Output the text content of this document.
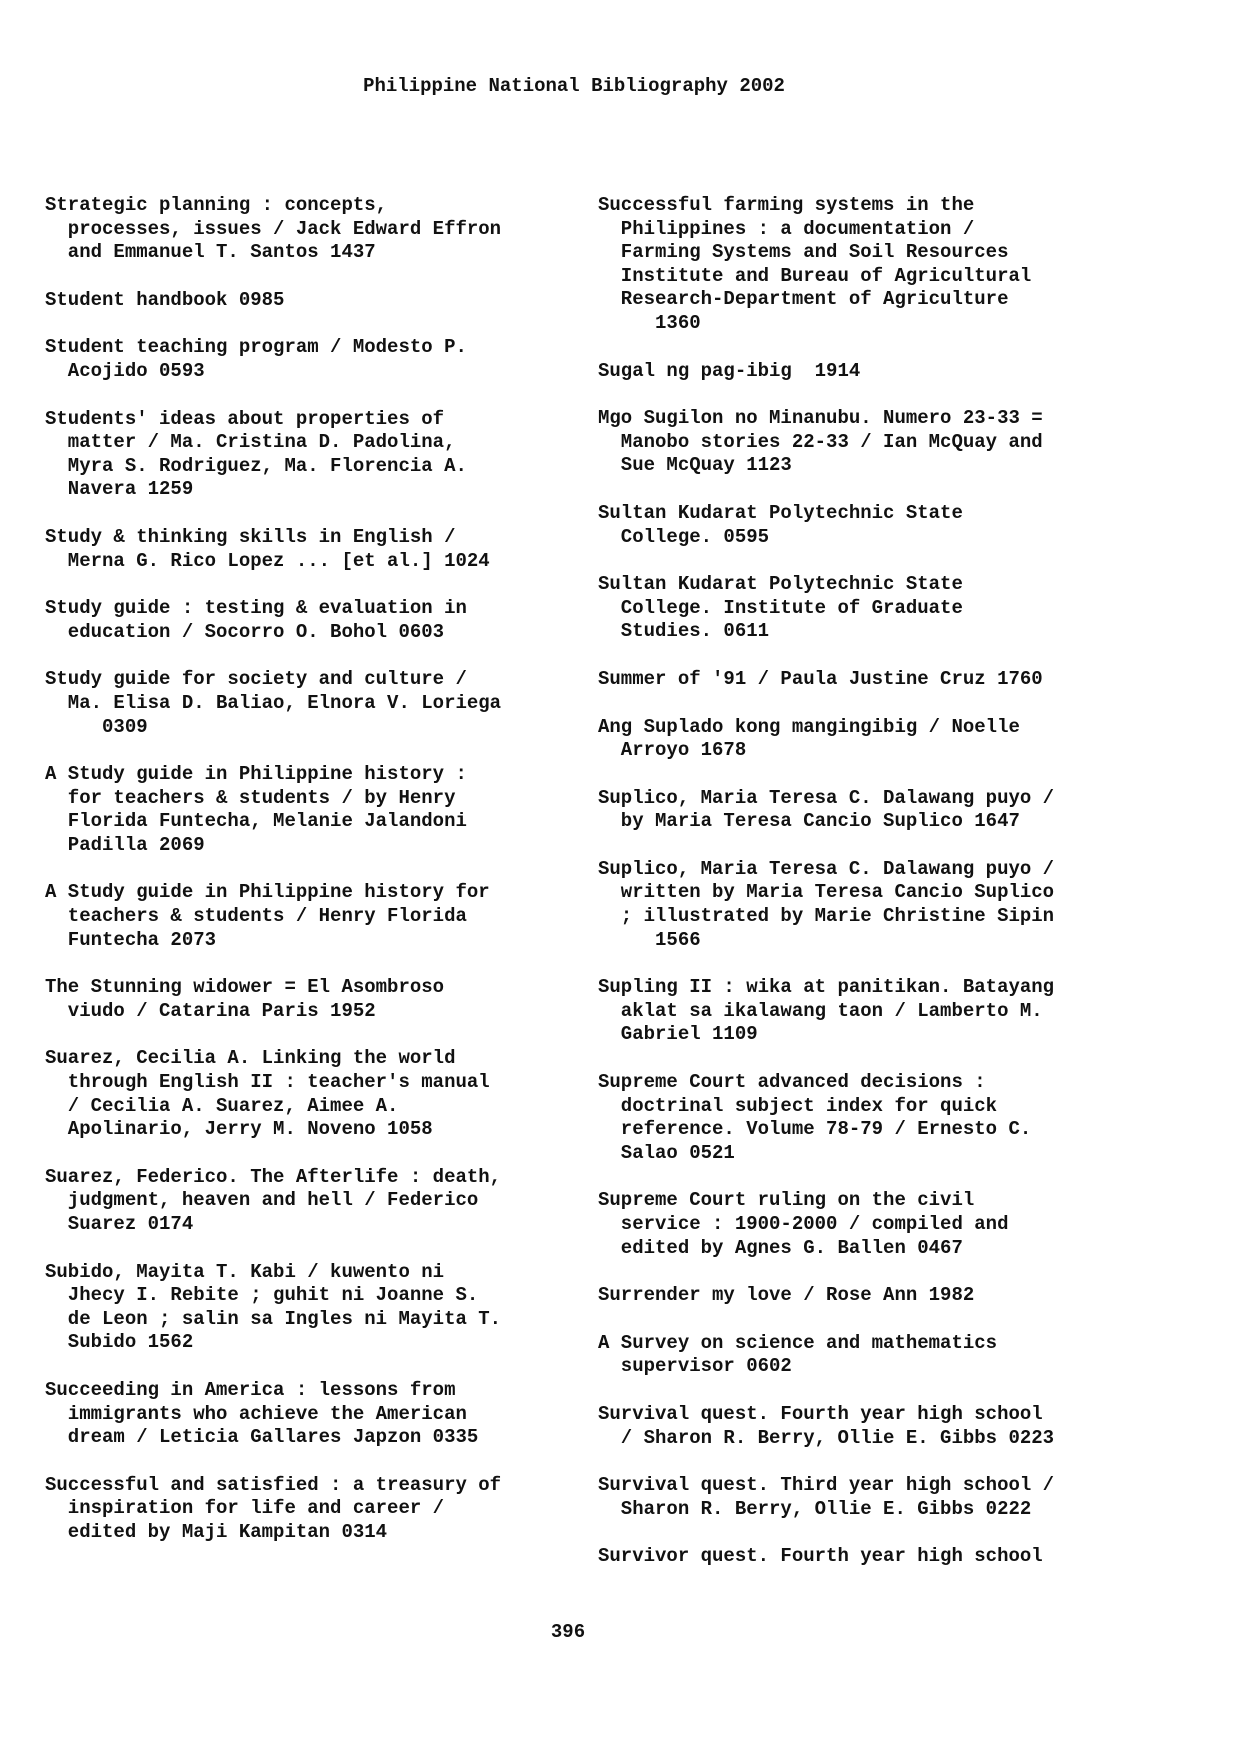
Philippine National Bibliography 2002
Strategic planning : concepts,
processes, issues / Jack Edward Effron
and Emmanuel T. Santos 1437
Student handbook 0985
Student teaching program / Modesto P.
Acojido 0593
Students' ideas about properties of
matter / Ma. Cristina D. Padolina,
Myra S. Rodriguez, Ma. Florencia A.
Navera 1259
Study & thinking skills in English /
Merna G. Rico Lopez ... [et al.] 1024
Study guide : testing & evaluation in
education / Socorro O. Bohol 0603
Study guide for society and culture /
Ma. Elisa D. Baliao, Elnora V. Loriega
0309
A Study guide in Philippine history :
for teachers & students / by Henry
Florida Funtecha, Melanie Jalandoni
Padilla 2069
A Study guide in Philippine history for
teachers & students / Henry Florida
Funtecha 2073
The Stunning widower = El Asombroso
viudo / Catarina Paris 1952
Suarez, Cecilia A. Linking the world
through English II : teacher's manual
/ Cecilia A. Suarez, Aimee A.
Apolinario, Jerry M. Noveno 1058
Suarez, Federico. The Afterlife : death,
judgment, heaven and hell / Federico
Suarez 0174
Subido, Mayita T. Kabi / kuwento ni
Jhecy I. Rebite ; guhit ni Joanne S.
de Leon ; salin sa Ingles ni Mayita T.
Subido 1562
Succeeding in America : lessons from
immigrants who achieve the American
dream / Leticia Gallares Japzon 0335
Successful and satisfied : a treasury of
inspiration for life and career /
edited by Maji Kampitan 0314
Successful farming systems in the
Philippines : a documentation /
Farming Systems and Soil Resources
Institute and Bureau of Agricultural
Research-Department of Agriculture
1360
Sugal ng pag-ibig  1914
Mgo Sugilon no Minanubu. Numero 23-33 =
Manobo stories 22-33 / Ian McQuay and
Sue McQuay 1123
Sultan Kudarat Polytechnic State
College. 0595
Sultan Kudarat Polytechnic State
College. Institute of Graduate
Studies. 0611
Summer of '91 / Paula Justine Cruz 1760
Ang Suplado kong mangingibig / Noelle
Arroyo 1678
Suplico, Maria Teresa C. Dalawang puyo /
by Maria Teresa Cancio Suplico 1647
Suplico, Maria Teresa C. Dalawang puyo /
written by Maria Teresa Cancio Suplico
; illustrated by Marie Christine Sipin
1566
Supling II : wika at panitikan. Batayang
aklat sa ikalawang taon / Lamberto M.
Gabriel 1109
Supreme Court advanced decisions :
doctrinal subject index for quick
reference. Volume 78-79 / Ernesto C.
Salao 0521
Supreme Court ruling on the civil
service : 1900-2000 / compiled and
edited by Agnes G. Ballen 0467
Surrender my love / Rose Ann 1982
A Survey on science and mathematics
supervisor 0602
Survival quest. Fourth year high school
/ Sharon R. Berry, Ollie E. Gibbs 0223
Survival quest. Third year high school /
Sharon R. Berry, Ollie E. Gibbs 0222
Survivor quest. Fourth year high school
396
